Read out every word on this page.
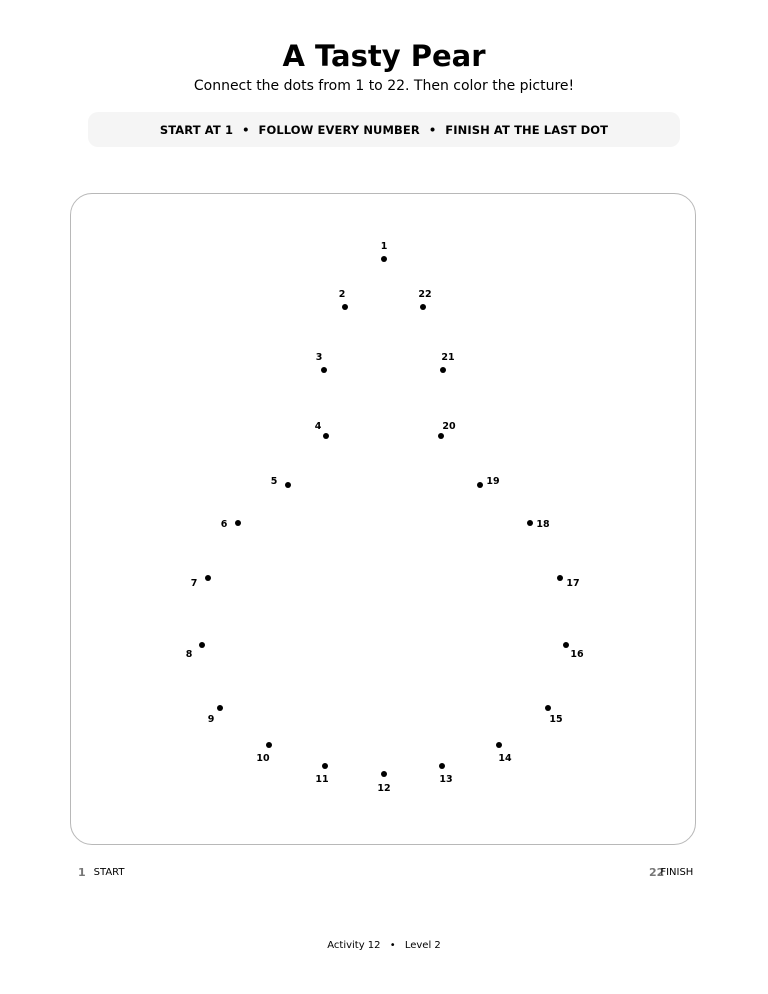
A Tasty Pear

Connect the dots from 1 to 22. Then color the picture!

START AT 1 • FOLLOW EVERY NUMBER • FINISH AT THE LAST DOT
1
2
3
4
5
6
7
8
9
10
11
12
13
14
15
16
17
18
19
20
21
22
1 START	22
FINISH
Activity 12 • Level 2
